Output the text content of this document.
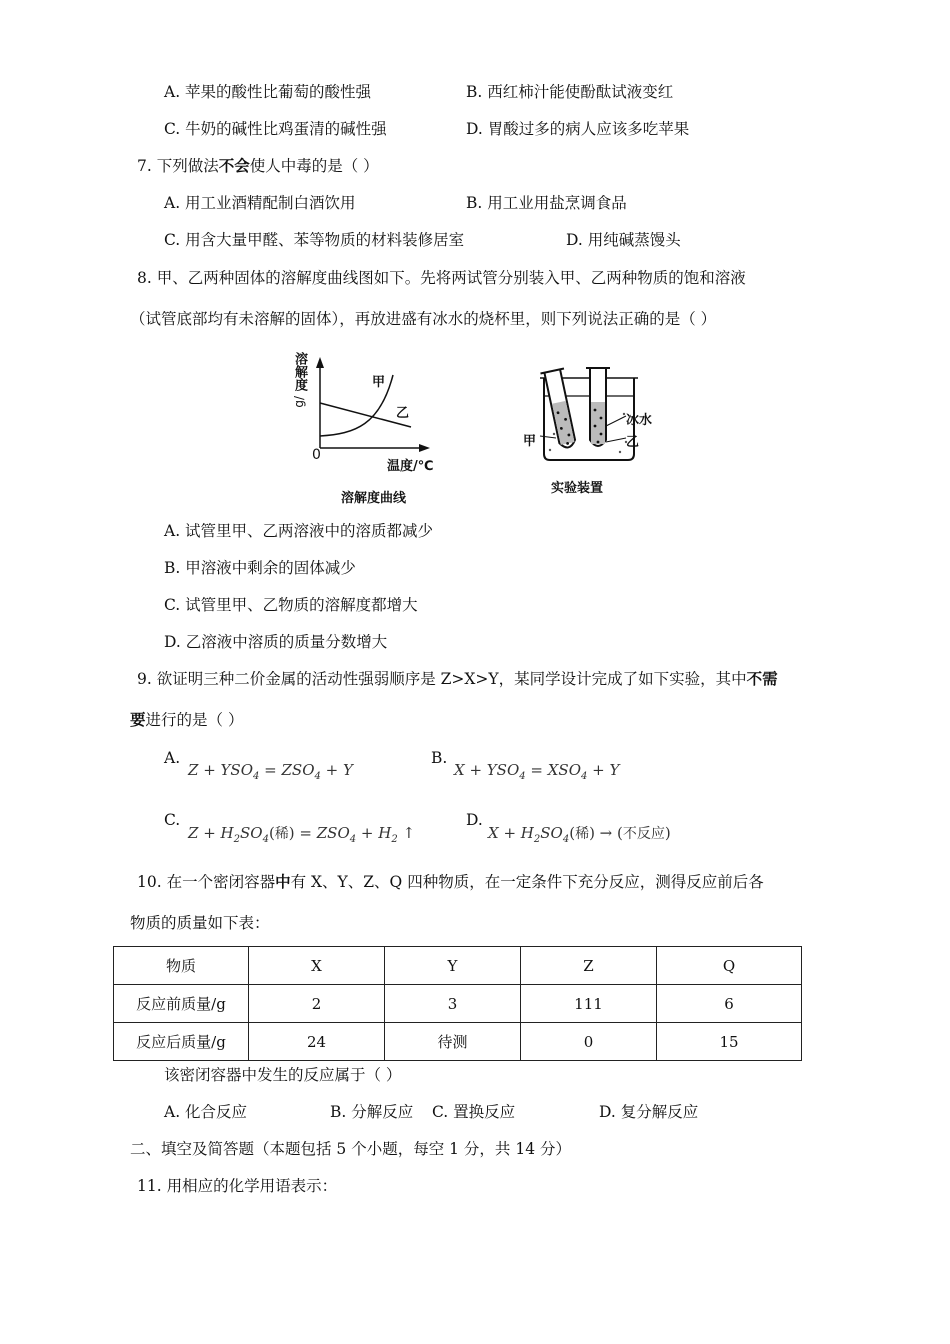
A. 苹果的酸性比葡萄的酸性强	B. 西红柿汁能使酚酞试液变红
C. 牛奶的碱性比鸡蛋清的碱性强	D. 胃酸过多的病人应该多吃苹果
7. 下列做法不会使人中毒的是（ ）
A. 用工业酒精配制白酒饮用	B. 用工业用盐烹调食品
C. 用含大量甲醛、苯等物质的材料装修居室	D. 用纯碱蒸馒头
8. 甲、乙两种固体的溶解度曲线图如下。先将两试管分别装入甲、乙两种物质的饱和溶液
（试管底部均有未溶解的固体），再放进盛有冰水的烧杯里，则下列说法正确的是（ ）
溶解度
g/
甲
乙
0
温度/℃
溶解度曲线
冰水
乙
甲
实验装置
A. 试管里甲、乙两溶液中的溶质都减少
B. 甲溶液中剩余的固体减少
C. 试管里甲、乙物质的溶解度都增大
D. 乙溶液中溶质的质量分数增大
9. 欲证明三种二价金属的活动性强弱顺序是 Z>X>Y，某同学设计完成了如下实验，其中不需
要进行的是（ ）
A.
$Z + YSO_4 = ZSO_4 + Y$
B.
$X + YSO_4 = XSO_4 + Y$
C.
$Z + H_2SO_4$(稀) = $ZSO_4 + H_2$ ↑
D.
$X + H_2SO_4$(稀) → (不反应)
10. 在一个密闭容器中有 X、Y、Z、Q 四种物质，在一定条件下充分反应，测得反应前后各
物质的质量如下表：
物质	X	Y	Z	Q
反应前质量/g	2	3	111	6
反应后质量/g	24	待测	0	15
该密闭容器中发生的反应属于（ ）
A. 化合反应	B. 分解反应 C. 置换反应	D. 复分解反应
二、填空及简答题（本题包括 5 个小题，每空 1 分，共 14 分）
11. 用相应的化学用语表示：
